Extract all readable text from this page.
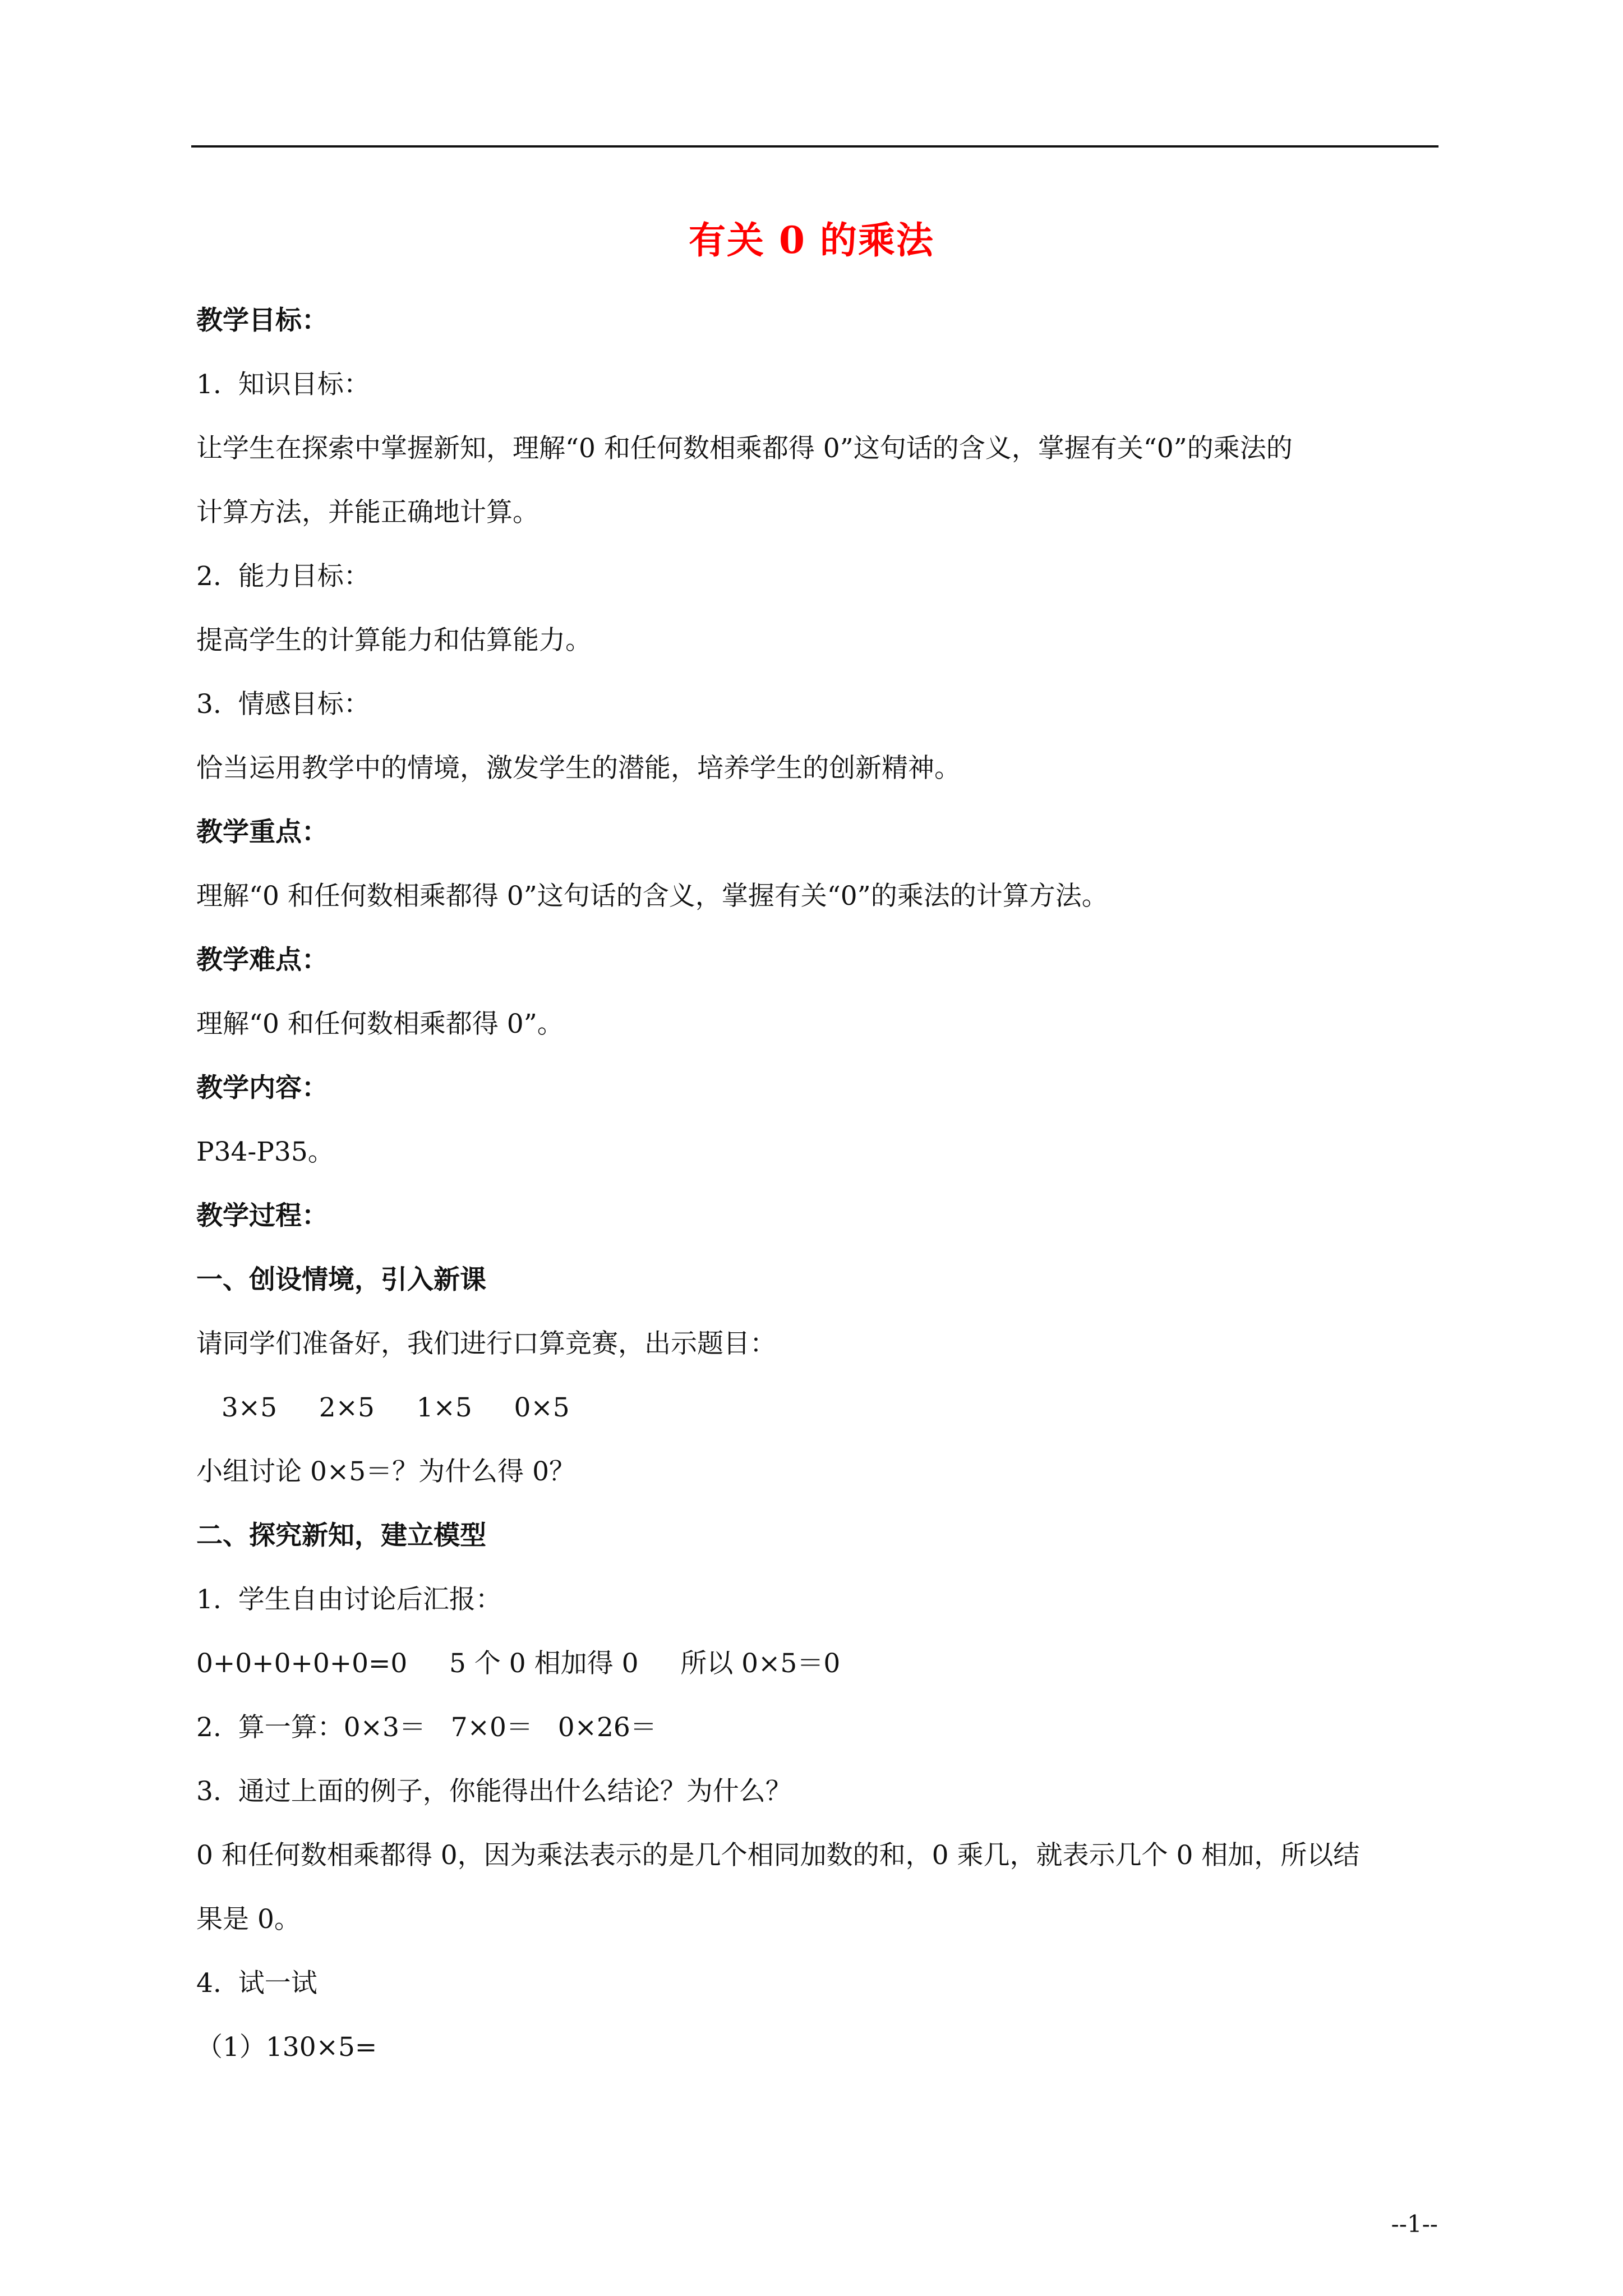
有关 0 的乘法
教学目标：
1.  知识目标：
让学生在探索中掌握新知，理解“0 和任何数相乘都得 0”这句话的含义，掌握有关“0”的乘法的
计算方法，并能正确地计算。
2.  能力目标：
提高学生的计算能力和估算能力。
3.  情感目标：
恰当运用教学中的情境，激发学生的潜能，培养学生的创新精神。
教学重点：
理解“0 和任何数相乘都得 0”这句话的含义，掌握有关“0”的乘法的计算方法。
教学难点：
理解“0 和任何数相乘都得 0”。
教学内容：
P34-P35。
教学过程：
一、创设情境，引入新课
请同学们准备好，我们进行口算竞赛，出示题目：
3×5     2×5     1×5     0×5
小组讨论 0×5＝？为什么得 0？
二、探究新知，建立模型
1.  学生自由讨论后汇报：
0+0+0+0+0=0     5 个 0 相加得 0     所以 0×5＝0
2.  算一算：0×3＝   7×0＝   0×26＝
3.  通过上面的例子，你能得出什么结论？为什么？
0 和任何数相乘都得 0，因为乘法表示的是几个相同加数的和，0 乘几，就表示几个 0 相加，所以结
果是 0。
4.  试一试
（1）130×5=
--1--
